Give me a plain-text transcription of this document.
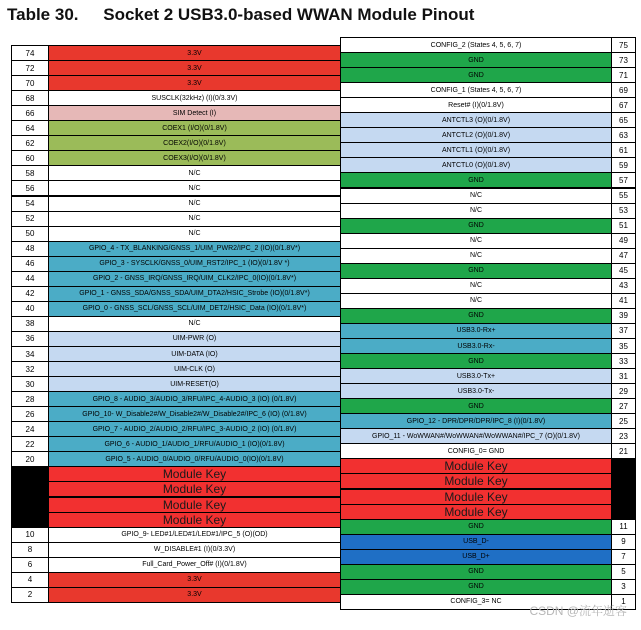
Table 30. Socket 2 USB3.0-based WWAN Module Pinout
74	3.3V
72	3.3V
70	3.3V
68	SUSCLK(32kHz) (I)(0/3.3V)
66	SIM Detect (I)
64	COEX1 (I/O)(0/1.8V)
62	COEX2(I/O)(0/1.8V)
60	COEX3(I/O)(0/1.8V)
58	N/C
56	N/C
54	N/C
52	N/C
50	N/C
48	GPIO_4 - TX_BLANKING/GNSS_1/UIM_PWR2/IPC_2 (IO)(0/1.8V*)
46	GPIO_3 - SYSCLK/GNSS_0/UIM_RST2/IPC_1 (IO)(0/1.8V *)
44	GPIO_2 - GNSS_IRQ/GNSS_IRQ/UIM_CLK2/IPC_0(IO)(0/1.8V*)
42	GPIO_1 - GNSS_SDA/GNSS_SDA/UIM_DTA2/HSIC_Strobe (IO)(0/1.8V*)
40	GPIO_0 - GNSS_SCL/GNSS_SCL/UIM_DET2/HSIC_Data (IO)(0/1.8V*)
38	N/C
36	UIM-PWR (O)
34	UIM-DATA (IO)
32	UIM-CLK (O)
30	UIM-RESET(O)
28	GPIO_8 - AUDIO_3/AUDIO_3/RFU/IPC_4-AUDIO_3 (IO) (0/1.8V)
26	GPIO_10- W_Disable2#/W_Disable2#/W_Disable2#/IPC_6 (IO) (0/1.8V)
24	GPIO_7 - AUDIO_2/AUDIO_2/RFU/IPC_3-AUDIO_2 (IO) (0/1.8V)
22	GPIO_6 - AUDIO_1/AUDIO_1/RFU/AUDIO_1 (IO)(0/1.8V)
20	GPIO_5 - AUDIO_0/AUDIO_0/RFU/AUDIO_0(IO)(0/1.8V)
Module Key
Module Key
Module Key
Module Key
10	GPIO_9- LED#1/LED#1/LED#1/IPC_5 (O)(OD)
8	W_DISABLE#1 (I)(0/3.3V)
6	Full_Card_Power_Off# (I)(0/1.8V)
4	3.3V
2	3.3V
CONFIG_2 (States 4, 5, 6, 7)	75
GND	73
GND	71
CONFIG_1 (States 4, 5, 6, 7)	69
Reset# (I)(0/1.8V)	67
ANTCTL3 (O)(0/1.8V)	65
ANTCTL2 (O)(0/1.8V)	63
ANTCTL1 (O)(0/1.8V)	61
ANTCTL0 (O)(0/1.8V)	59
GND	57
N/C	55
N/C	53
GND	51
N/C	49
N/C	47
GND	45
N/C	43
N/C	41
GND	39
USB3.0-Rx+	37
USB3.0-Rx-	35
GND	33
USB3.0-Tx+	31
USB3.0-Tx-	29
GND	27
GPIO_12 - DPR/DPR/DPR/IPC_8 (I)(0/1.8V)	25
GPIO_11 - WoWWAN#/WoWWAN#/WoWWAN#/IPC_7 (O)(0/1.8V)	23
CONFIG_0= GND	21
Module Key
Module Key
Module Key
Module Key
GND	11
USB_D-	9
USB_D+	7
GND	5
GND	3
CONFIG_3= NC	1
CSDN @流年逝客
